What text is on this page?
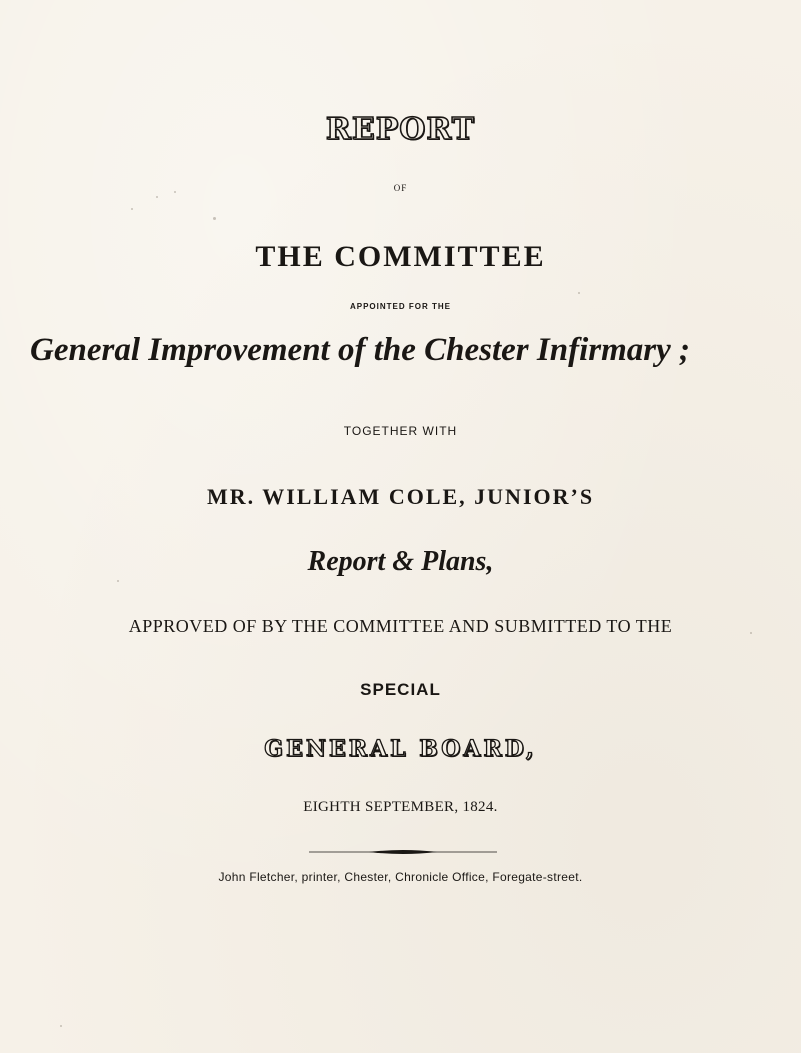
REPORT
OF
THE COMMITTEE
APPOINTED FOR THE
General Improvement of the Chester Infirmary ;
TOGETHER WITH
MR. WILLIAM COLE, JUNIOR’S
Report & Plans,
APPROVED OF BY THE COMMITTEE AND SUBMITTED TO THE
SPECIAL
GENERAL BOARD,
EIGHTH SEPTEMBER, 1824.
John Fletcher, printer, Chester, Chronicle Office, Foregate-street.
